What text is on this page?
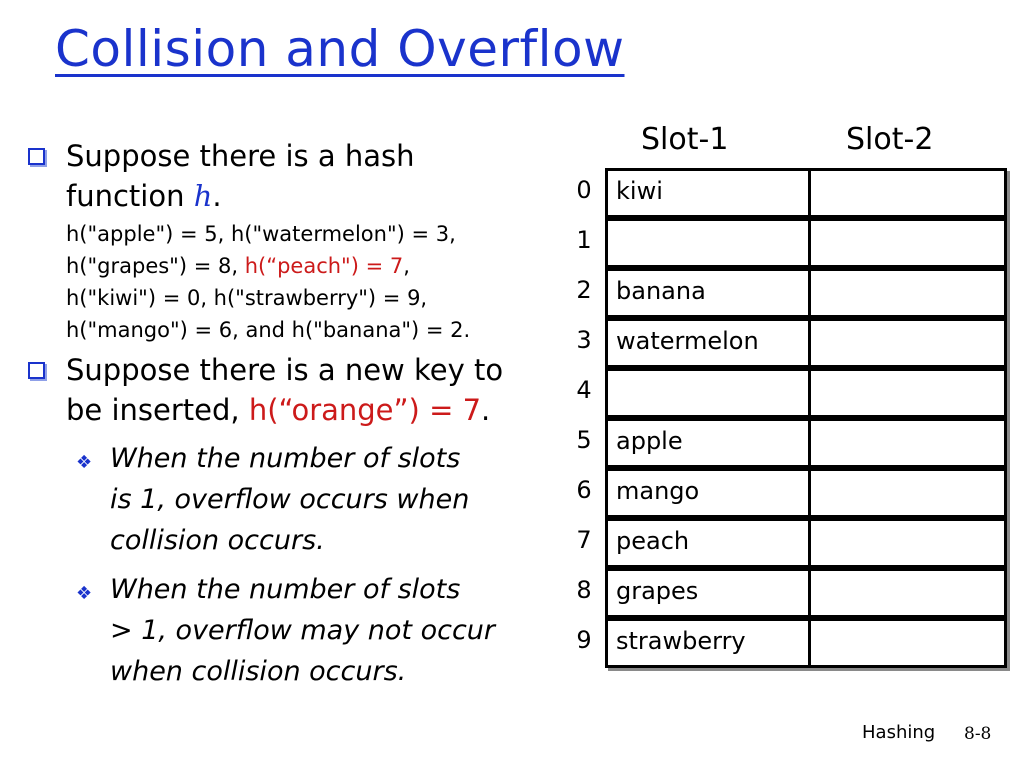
Collision and Overflow
Suppose there is a hash
function h.
h("apple") = 5, h("watermelon") = 3,
h("grapes") = 8, h(“peach") = 7,
h("kiwi") = 0, h("strawberry") = 9,
h("mango") = 6, and h("banana") = 2.
Suppose there is a new key to
be inserted, h(“orange”) = 7.
❖ When the number of slots
is 1, overflow occurs when
collision occurs.
❖ When the number of slots
> 1, overflow may not occur
when collision occurs.
Slot-1	Slot-2
0	kiwi
1
2	banana
3	watermelon
4
5	apple
6	mango
7	peach
8	grapes
9	strawberry
Hashing 8-8
